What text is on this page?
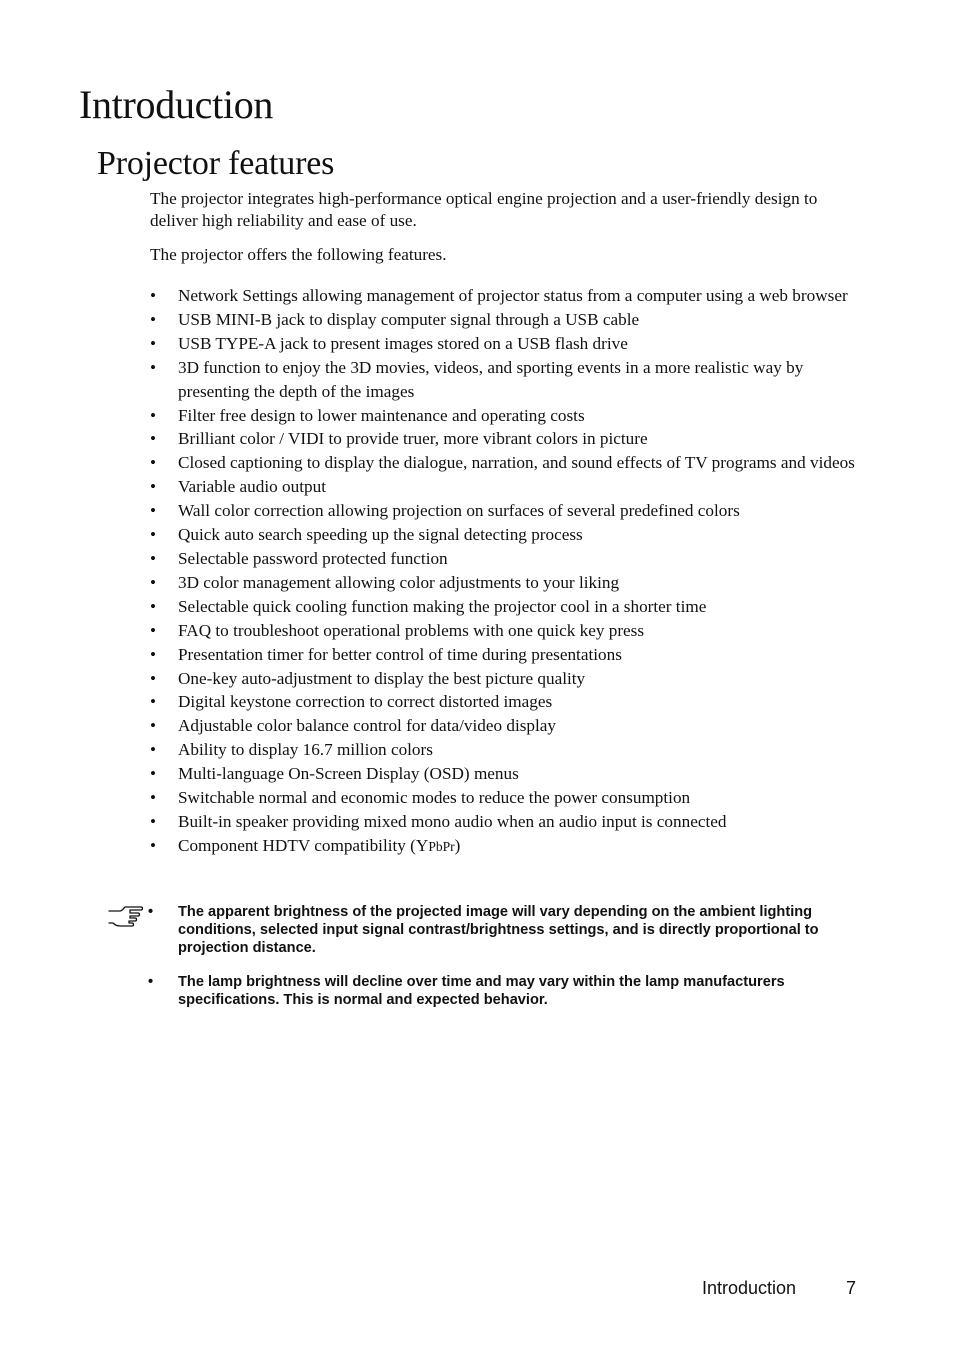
Introduction
Projector features

The projector integrates high-performance optical engine projection and a user-friendly design to deliver high reliability and ease of use.

The projector offers the following features.

• Network Settings allowing management of projector status from a computer using a web browser
• USB MINI-B jack to display computer signal through a USB cable
• USB TYPE-A jack to present images stored on a USB flash drive
• 3D function to enjoy the 3D movies, videos, and sporting events in a more realistic way by presenting the depth of the images
• Filter free design to lower maintenance and operating costs
• Brilliant color / VIDI to provide truer, more vibrant colors in picture
• Closed captioning to display the dialogue, narration, and sound effects of TV programs and videos
• Variable audio output
• Wall color correction allowing projection on surfaces of several predefined colors
• Quick auto search speeding up the signal detecting process
• Selectable password protected function
• 3D color management allowing color adjustments to your liking
• Selectable quick cooling function making the projector cool in a shorter time
• FAQ to troubleshoot operational problems with one quick key press
• Presentation timer for better control of time during presentations
• One-key auto-adjustment to display the best picture quality
• Digital keystone correction to correct distorted images
• Adjustable color balance control for data/video display
• Ability to display 16.7 million colors
• Multi-language On-Screen Display (OSD) menus
• Switchable normal and economic modes to reduce the power consumption
• Built-in speaker providing mixed mono audio when an audio input is connected
• Component HDTV compatibility (YPbPr)
• The apparent brightness of the projected image will vary depending on the ambient lighting conditions, selected input signal contrast/brightness settings, and is directly proportional to projection distance.
• The lamp brightness will decline over time and may vary within the lamp manufacturers specifications. This is normal and expected behavior.
Introduction	7
